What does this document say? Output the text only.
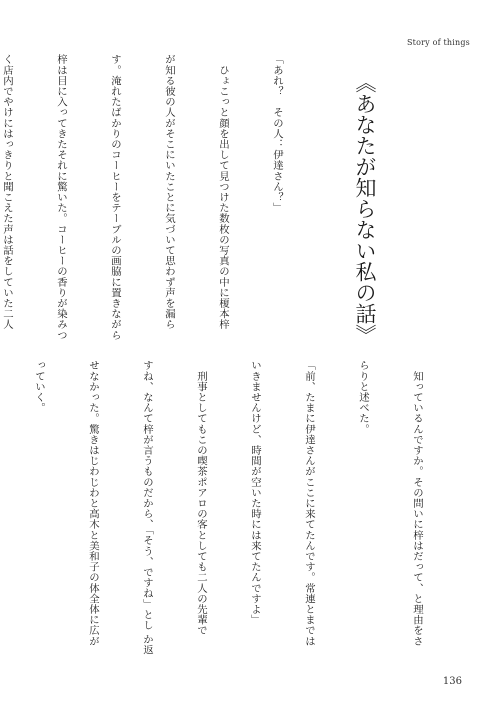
Story of things
《あなたが知らない私の話》

「あれ？　その人：伊達さん？」

　ひょこっと顔を出して見つけた数枚の写真の中に榎本梓

が知る彼の人がそこにいたことに気づいて思わず声を漏ら

す。淹れたばかりのコーヒーをテーブルの画脇に置きながら

梓は目に入ってきたそれに驚いた。コーヒーの香りが染みつ

く店内でやけにはっきりと聞こえた声は話をしていた二人

　知っているんですか。その問いに梓はだって、と理由をさ

らりと述べた。

「前、たまに伊達さんがここに来てたんです。常連とまでは

いきませんけど、時間が空いた時には来てたんですよ」

　刑事としてもこの喫茶ポアロの客としても二人の先輩で

すね、なんて梓が言うものだから、「そう、ですね」とし か返

せなかった。驚きはじわじわと高木と美和子の体全体に広が

っていく。

136
